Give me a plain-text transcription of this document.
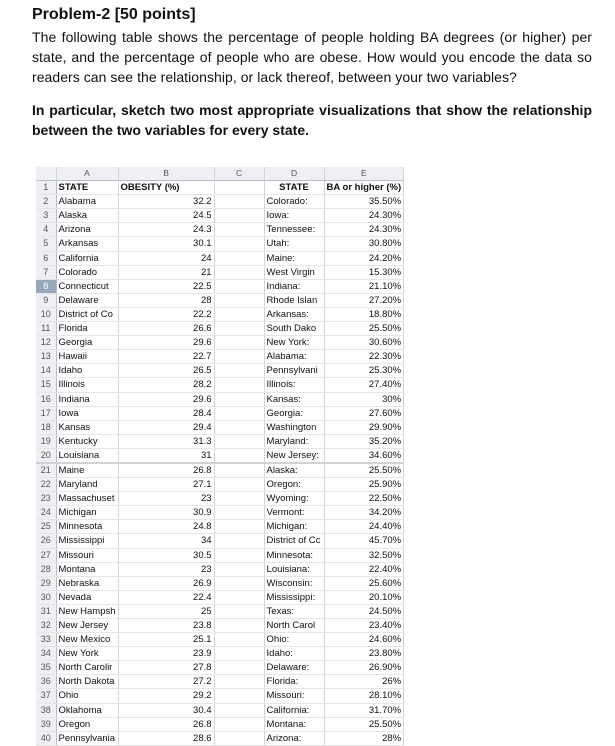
Problem-2 [50 points]
The following table shows the percentage of people holding BA degrees (or higher) per state, and the percentage of people who are obese. How would you encode the data so readers can see the relationship, or lack thereof, between your two variables?
In particular, sketch two most appropriate visualizations that show the relationship between the two variables for every state.
	A	B	C	D	E
1	STATE	OBESITY (%)		STATE	BA or higher (%)
2	Alabama	32.2		Colorado:	35.50%
3	Alaska	24.5		Iowa:	24.30%
4	Arizona	24.3		Tennessee:	24.30%
5	Arkansas	30.1		Utah:	30.80%
6	California	24		Maine:	24.20%
7	Colorado	21		West Virgin	15.30%
8	Connecticut	22.5		Indiana:	21.10%
9	Delaware	28		Rhode Islan	27.20%
10	District of Co	22.2		Arkansas:	18.80%
11	Florida	26.6		South Dako	25.50%
12	Georgia	29.6		New York:	30.60%
13	Hawaii	22.7		Alabama:	22.30%
14	Idaho	26.5		Pennsylvani	25.30%
15	Illinois	28.2		Illinois:	27.40%
16	Indiana	29.6		Kansas:	30%
17	Iowa	28.4		Georgia:	27.60%
18	Kansas	29.4		Washington	29.90%
19	Kentucky	31.3		Maryland:	35.20%
20	Louisiana	31		New Jersey:	34.60%
21	Maine	26.8		Alaska:	25.50%
22	Maryland	27.1		Oregon:	25.90%
23	Massachuset	23		Wyoming:	22.50%
24	Michigan	30.9		Vermont:	34.20%
25	Minnesota	24.8		Michigan:	24.40%
26	Mississippi	34		District of Cc	45.70%
27	Missouri	30.5		Minnesota:	32.50%
28	Montana	23		Louisiana:	22.40%
29	Nebraska	26.9		Wisconsin:	25.60%
30	Nevada	22.4		Mississippi:	20.10%
31	New Hampsh	25		Texas:	24.50%
32	New Jersey	23.8		North Carol	23.40%
33	New Mexico	25.1		Ohio:	24.60%
34	New York	23.9		Idaho:	23.80%
35	North Carolir	27.8		Delaware:	26.90%
36	North Dakota	27.2		Florida:	26%
37	Ohio	29.2		Missouri:	28.10%
38	Oklahoma	30.4		California:	31.70%
39	Oregon	26.8		Montana:	25.50%
40	Pennsylvania	28.6		Arizona:	28%
